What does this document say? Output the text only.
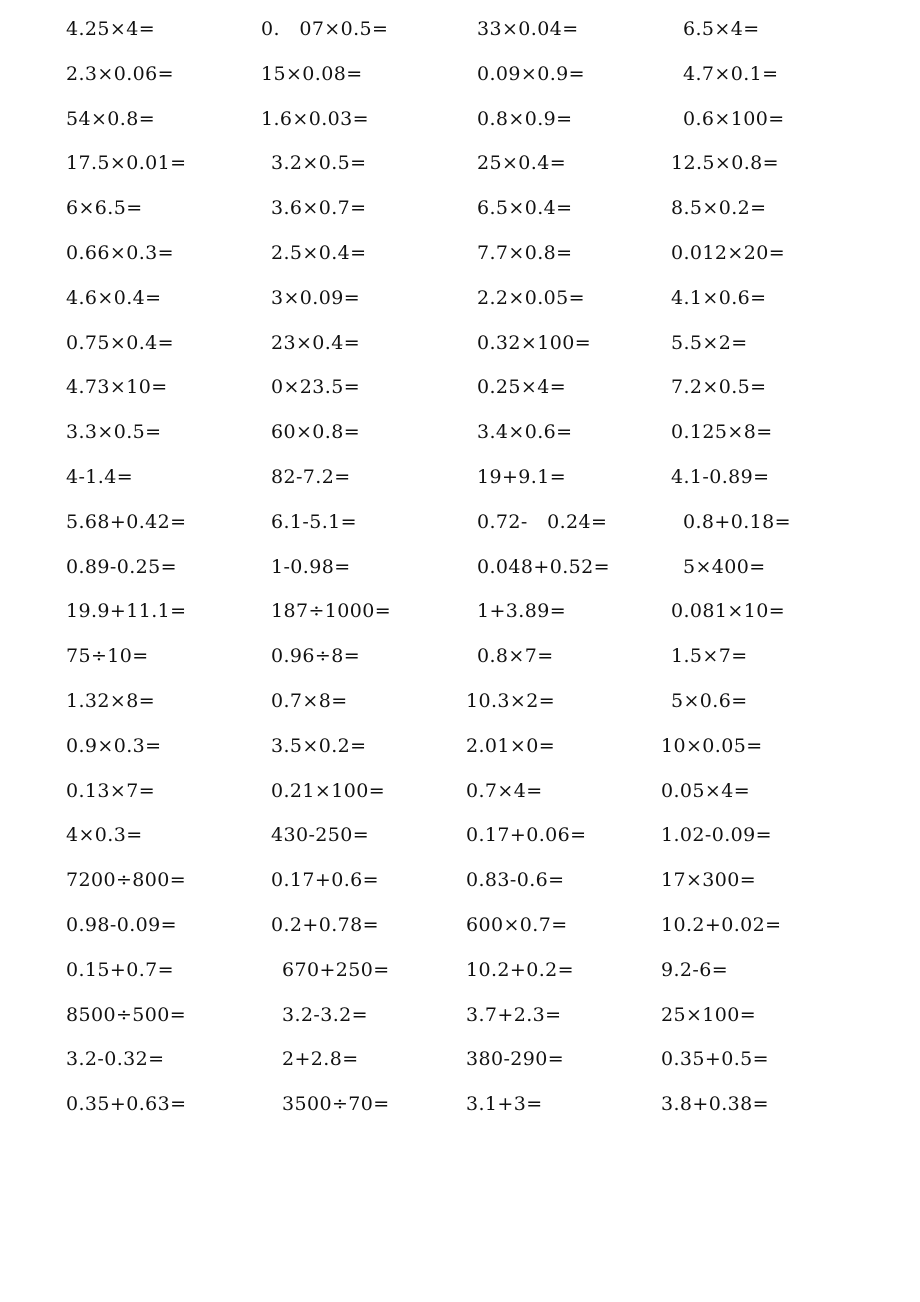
4.25×4=	0.　07×0.5=	33×0.04=	6.5×4=
2.3×0.06=	15×0.08=	0.09×0.9=	4.7×0.1=
54×0.8=	1.6×0.03=	0.8×0.9=	0.6×100=
17.5×0.01=	3.2×0.5=	25×0.4=	12.5×0.8=
6×6.5=	3.6×0.7=	6.5×0.4=	8.5×0.2=
0.66×0.3=	2.5×0.4=	7.7×0.8=	0.012×20=
4.6×0.4=	3×0.09=	2.2×0.05=	4.1×0.6=
0.75×0.4=	23×0.4=	0.32×100=	5.5×2=
4.73×10=	0×23.5=	0.25×4=	7.2×0.5=
3.3×0.5=	60×0.8=	3.4×0.6=	0.125×8=
4-1.4=	82-7.2=	19+9.1=	4.1-0.89=
5.68+0.42=	6.1-5.1=	0.72-　0.24=	0.8+0.18=
0.89-0.25=	1-0.98=	0.048+0.52=	5×400=
19.9+11.1=	187÷1000=	1+3.89=	0.081×10=
75÷10=	0.96÷8=	0.8×7=	1.5×7=
1.32×8=	0.7×8=	10.3×2=	5×0.6=
0.9×0.3=	3.5×0.2=	2.01×0=	10×0.05=
0.13×7=	0.21×100=	0.7×4=	0.05×4=
4×0.3=	430-250=	0.17+0.06=	1.02-0.09=
7200÷800=	0.17+0.6=	0.83-0.6=	17×300=
0.98-0.09=	0.2+0.78=	600×0.7=	10.2+0.02=
0.15+0.7=	670+250=	10.2+0.2=	9.2-6=
8500÷500=	3.2-3.2=	3.7+2.3=	25×100=
3.2-0.32=	2+2.8=	380-290=	0.35+0.5=
0.35+0.63=	3500÷70=	3.1+3=	3.8+0.38=
